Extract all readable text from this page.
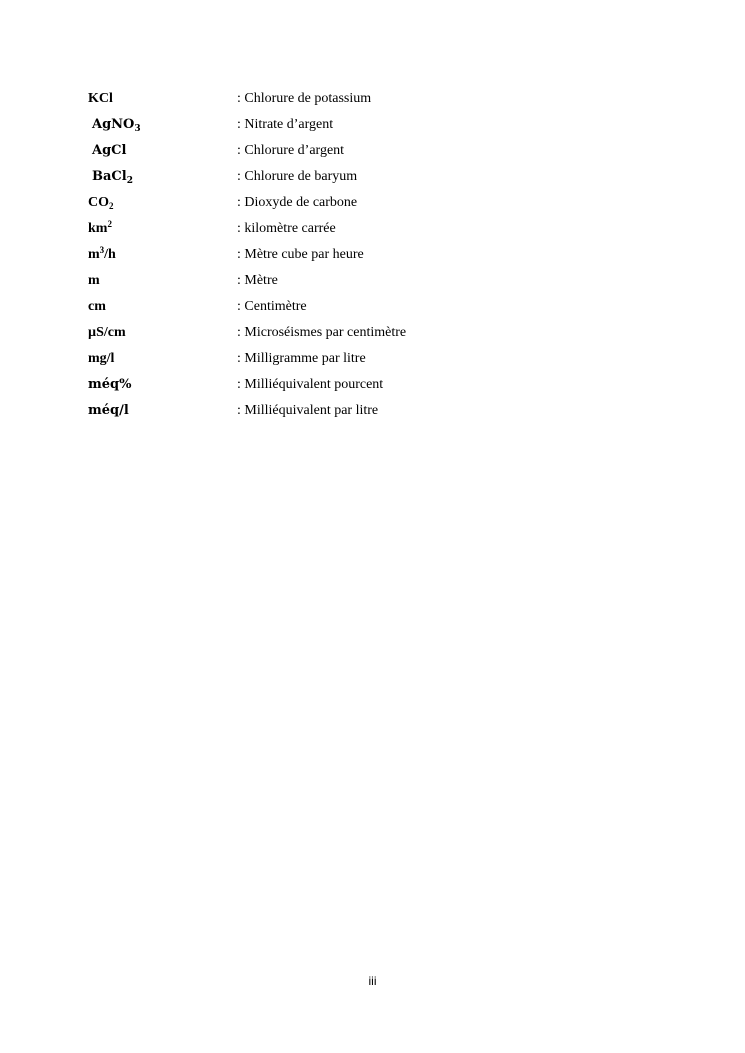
KCl	: Chlorure de potassium
AgNO$_3$	: Nitrate d’argent
AgCl	: Chlorure d’argent
BaCl$_2$	: Chlorure de baryum
$CO_2$	: Dioxyde de carbone
$km^2$	: kilomètre carrée
$m^3/h$	: Mètre cube par heure
m	: Mètre
cm	: Centimètre
µS/cm	: Microséismes par centimètre
mg/l	: Milligramme par litre
méq%	: Milliéquivalent pourcent
méq/l	: Milliéquivalent par litre
iii
